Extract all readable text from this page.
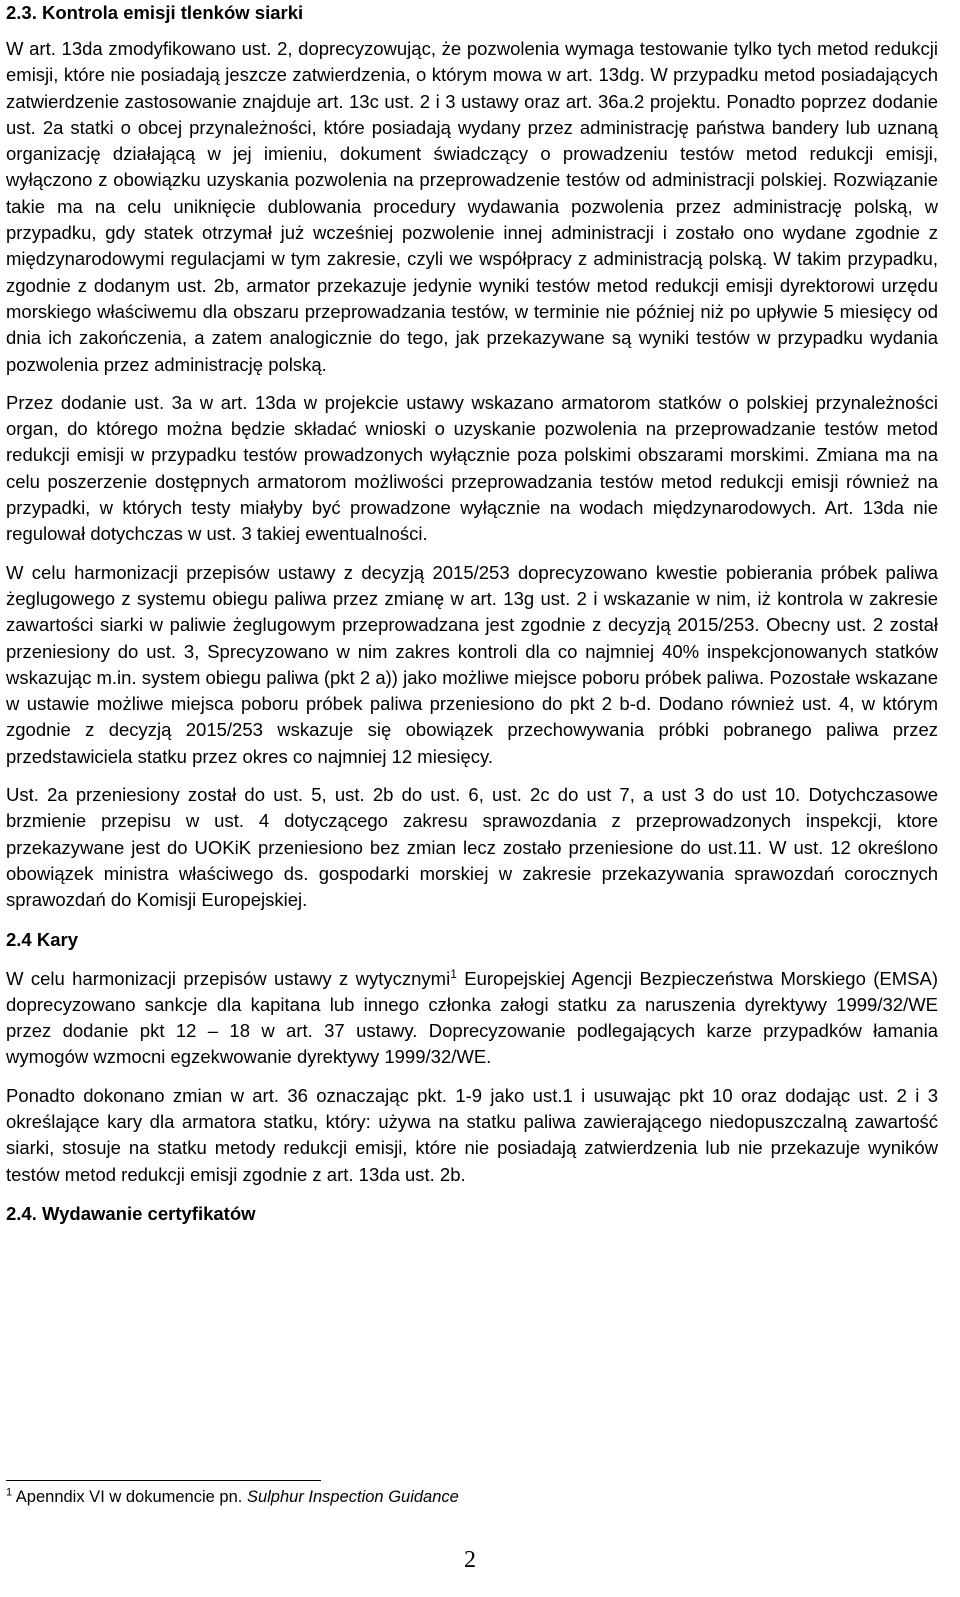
2.3. Kontrola emisji tlenków siarki

W art. 13da zmodyfikowano ust. 2, doprecyzowując, że pozwolenia wymaga testowanie tylko tych metod redukcji emisji, które nie posiadają jeszcze zatwierdzenia, o którym mowa w art. 13dg. W przypadku metod posiadających zatwierdzenie zastosowanie znajduje art. 13c ust. 2 i 3 ustawy oraz art. 36a.2 projektu. Ponadto poprzez dodanie ust. 2a statki o obcej przynależności, które posiadają wydany przez administrację państwa bandery lub uznaną organizację działającą w jej imieniu, dokument świadczący o prowadzeniu testów metod redukcji emisji, wyłączono z obowiązku uzyskania pozwolenia na przeprowadzenie testów od administracji polskiej. Rozwiązanie takie ma na celu uniknięcie dublowania procedury wydawania pozwolenia przez administrację polską, w przypadku, gdy statek otrzymał już wcześniej pozwolenie innej administracji i zostało ono wydane zgodnie z międzynarodowymi regulacjami w tym zakresie, czyli we współpracy z administracją polską. W takim przypadku, zgodnie z dodanym ust. 2b, armator przekazuje jedynie wyniki testów metod redukcji emisji dyrektorowi urzędu morskiego właściwemu dla obszaru przeprowadzania testów, w terminie nie później niż po upływie 5 miesięcy od dnia ich zakończenia, a zatem analogicznie do tego, jak przekazywane są wyniki testów w przypadku wydania pozwolenia przez administrację polską.

Przez dodanie ust. 3a w art. 13da w projekcie ustawy wskazano armatorom statków o polskiej przynależności organ, do którego można będzie składać wnioski o uzyskanie pozwolenia na przeprowadzanie testów metod redukcji emisji w przypadku testów prowadzonych wyłącznie poza polskimi obszarami morskimi. Zmiana ma na celu poszerzenie dostępnych armatorom możliwości przeprowadzania testów metod redukcji emisji również na przypadki, w których testy miałyby być prowadzone wyłącznie na wodach międzynarodowych. Art. 13da nie regulował dotychczas w ust. 3 takiej ewentualności.

W celu harmonizacji przepisów ustawy z decyzją 2015/253 doprecyzowano kwestie pobierania próbek paliwa żeglugowego z systemu obiegu paliwa przez zmianę w art. 13g ust. 2 i wskazanie w nim, iż kontrola w zakresie zawartości siarki w paliwie żeglugowym przeprowadzana jest zgodnie z decyzją 2015/253. Obecny ust. 2 został przeniesiony do ust. 3, Sprecyzowano w nim zakres kontroli dla co najmniej 40% inspekcjonowanych statków wskazując m.in. system obiegu paliwa (pkt 2 a)) jako możliwe miejsce poboru próbek paliwa. Pozostałe wskazane w ustawie możliwe miejsca poboru próbek paliwa przeniesiono do pkt 2 b-d. Dodano również ust. 4, w którym zgodnie z decyzją 2015/253 wskazuje się obowiązek przechowywania próbki pobranego paliwa przez przedstawiciela statku przez okres co najmniej 12 miesięcy.

Ust. 2a przeniesiony został do ust. 5, ust. 2b do ust. 6, ust. 2c do ust 7, a ust 3 do ust 10. Dotychczasowe brzmienie przepisu w ust. 4 dotyczącego zakresu sprawozdania z przeprowadzonych inspekcji, ktore przekazywane jest do UOKiK przeniesiono bez zmian lecz zostało przeniesione do ust.11. W ust. 12 określono obowiązek ministra właściwego ds. gospodarki morskiej w zakresie przekazywania sprawozdań corocznych sprawozdań do Komisji Europejskiej.

2.4 Kary

W celu harmonizacji przepisów ustawy z wytycznymi$^1$ Europejskiej Agencji Bezpieczeństwa Morskiego (EMSA) doprecyzowano sankcje dla kapitana lub innego członka załogi statku za naruszenia dyrektywy 1999/32/WE przez dodanie pkt 12 – 18 w art. 37 ustawy. Doprecyzowanie podlegających karze przypadków łamania wymogów wzmocni egzekwowanie dyrektywy 1999/32/WE.

Ponadto dokonano zmian w art. 36 oznaczając pkt. 1-9 jako ust.1 i usuwając pkt 10 oraz dodając ust. 2 i 3 określające kary dla armatora statku, który: używa na statku paliwa zawierającego niedopuszczalną zawartość siarki, stosuje na statku metody redukcji emisji, które nie posiadają zatwierdzenia lub nie przekazuje wyników testów metod redukcji emisji zgodnie z art. 13da ust. 2b.

2.4. Wydawanie certyfikatów
$^1$ Apenndix VI w dokumencie pn. Sulphur Inspection Guidance
2
